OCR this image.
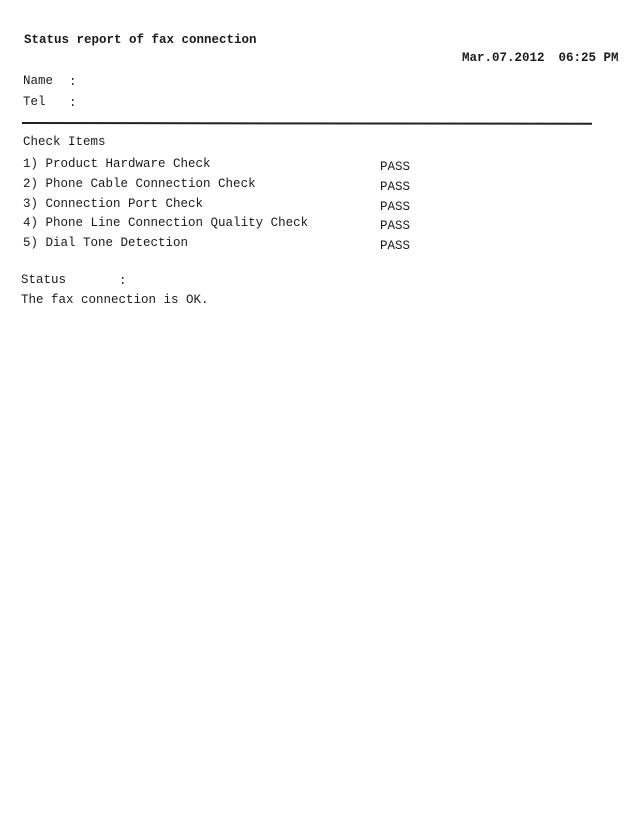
Status report of fax connection

Mar.07.2012 06:25 PM

Name :
Tel :
Check Items
1) Product Hardware Check	PASS
2) Phone Cable Connection Check	PASS
3) Connection Port Check	PASS
4) Phone Line Connection Quality Check	PASS
5) Dial Tone Detection	PASS
Status	:
The fax connection is OK.
